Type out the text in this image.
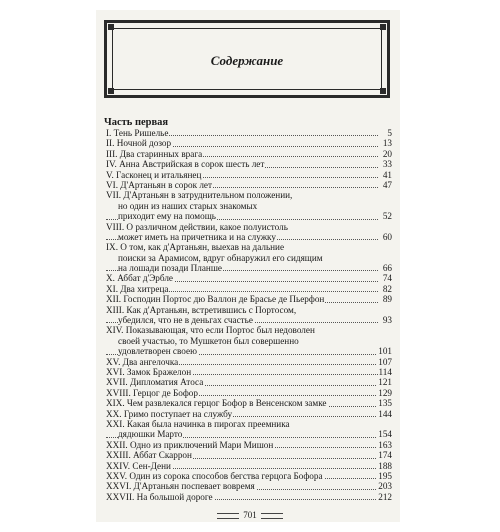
Содержание
Часть первая
I. Тень Ришелье	5
II. Ночной дозор	13
III. Два старинных врага	20
IV. Анна Австрийская в сорок шесть лет	33
V. Гасконец и итальянец	41
VI. Д'Артаньян в сорок лет	47
VII. Д'Артаньян в затруднительном положении,
но один из наших старых знакомых
приходит ему на помощь	52
VIII. О различном действии, какое полуистоль
может иметь на причетника и на служку	60
IX. О том, как д'Артаньян, выехав на дальние
поиски за Арамисом, вдруг обнаружил его сидящим
на лошади позади Планше	66
X. Аббат д'Эрбле	74
XI. Два хитреца	82
XII. Господин Портос дю Валлон де Брасье де Пьерфон	89
XIII. Как д'Артаньян, встретившись с Портосом,
убедился, что не в деньгах счастье	93
XIV. Показывающая, что если Портос был недоволен
своей участью, то Мушкетон был совершенно
удовлетворен своею	101
XV. Два ангелочка	107
XVI. Замок Бражелон	114
XVII. Дипломатия Атоса	121
XVIII. Герцог де Бофор	129
XIX. Чем развлекался герцог Бофор в Венсенском замке	135
XX. Гримо поступает на службу	144
XXI. Какая была начинка в пирогах преемника
дядюшки Марто	154
XXII. Одно из приключений Мари Мишон	163
XXIII. Аббат Скаррон	174
XXIV. Сен-Дени	188
XXV. Один из сорока способов бегства герцога Бофора	195
XXVI. Д'Артаньян поспевает вовремя	203
XXVII. На большой дороге	212
701
